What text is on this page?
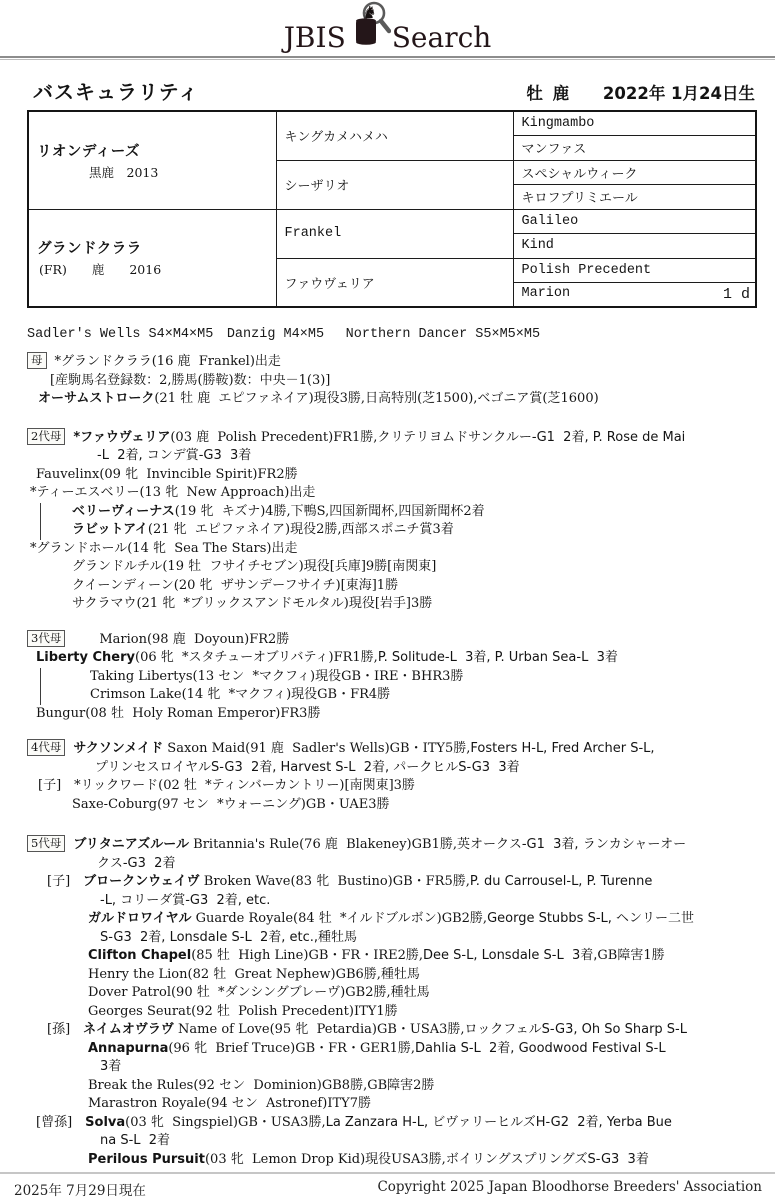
JBIS
♞
Search
バスキュラリティ	牡 鹿 2022年 1月24日生
リオンディーズ
黒鹿　2013	キングカメハメハ	Kingmambo
		マンファス
	シーザリオ	スペシャルウィーク
		キロフプリミエール

グランドクララ
(FR)　　鹿　　2016	Frankel	Galileo
		Kind
	ファウヴェリア	Polish Precedent
		Marion 1 d
Sadler's Wells S4×M4×M5　Danzig M4×M5　 Northern Dancer S5×M5×M5
母 *グランドクララ(16 鹿  Frankel)出走
[産駒馬名登録数：2,勝馬(勝鞍)数：中央－1(3)]
オーサムストローク(21 牡 鹿  エピファネイア)現役3勝,日高特別(芝1500),ベゴニア賞(芝1600)
2代母 *ファウヴェリア(03 鹿  Polish Precedent)FR1勝,クリテリヨムドサンクルー-G1  2着, P. Rose de Mai
-L  2着, コンデ賞-G3  3着
Fauvelinx(09 牝  Invincible Spirit)FR2勝
*ティーエスベリー(13 牝  New Approach)出走
ベリーヴィーナス(19 牝  キズナ)4勝,下鴨S,四国新聞杯,四国新聞杯2着
ラビットアイ(21 牝  エピファネイア)現役2勝,西部スポニチ賞3着
*グランドホール(14 牝  Sea The Stars)出走
グランドルチル(19 牡  フサイチセブン)現役[兵庫]9勝[南関東]
クイーンディーン(20 牝  ザサンデーフサイチ)[東海]1勝
サクラマウ(21 牝  *ブリックスアンドモルタル)現役[岩手]3勝
3代母　　Marion(98 鹿  Doyoun)FR2勝
Liberty Chery(06 牝  *スタチューオブリバティ)FR1勝,P. Solitude-L  3着, P. Urban Sea-L  3着
Taking Libertys(13 セン  *マクフィ)現役GB・IRE・BHR3勝
Crimson Lake(14 牝  *マクフィ)現役GB・FR4勝
Bungur(08 牡  Holy Roman Emperor)FR3勝
4代母 サクソンメイド Saxon Maid(91 鹿  Sadler's Wells)GB・ITY5勝,Fosters H-L, Fred Archer S-L,
プリンセスロイヤルS-G3  2着, Harvest S-L  2着, パークヒルS-G3  3着
[子] *リックワード(02 牡  *ティンバーカントリー)[南関東]3勝
Saxe-Coburg(97 セン  *ウォーニング)GB・UAE3勝
5代母 ブリタニアズルール Britannia's Rule(76 鹿  Blakeney)GB1勝,英オークス-G1  3着, ランカシャーオー
クス-G3  2着
[子] ブロークンウェイヴ Broken Wave(83 牝  Bustino)GB・FR5勝,P. du Carrousel-L, P. Turenne
-L, コリーダ賞-G3  2着, etc.
ガルドロワイヤル Guarde Royale(84 牡  *イルドブルボン)GB2勝,George Stubbs S-L, ヘンリー二世
S-G3  2着, Lonsdale S-L  2着, etc.,種牡馬
Clifton Chapel(85 牡  High Line)GB・FR・IRE2勝,Dee S-L, Lonsdale S-L  3着,GB障害1勝
Henry the Lion(82 牡  Great Nephew)GB6勝,種牡馬
Dover Patrol(90 牡  *ダンシングブレーヴ)GB2勝,種牡馬
Georges Seurat(92 牡  Polish Precedent)ITY1勝
[孫] ネイムオヴラヴ Name of Love(95 牝  Petardia)GB・USA3勝,ロックフェルS-G3, Oh So Sharp S-L
Annapurna(96 牝  Brief Truce)GB・FR・GER1勝,Dahlia S-L  2着, Goodwood Festival S-L
3着
Break the Rules(92 セン  Dominion)GB8勝,GB障害2勝
Marastron Royale(94 セン  Astronef)ITY7勝
[曾孫] Solva(03 牝  Singspiel)GB・USA3勝,La Zanzara H-L, ビヴァリーヒルズH-G2  2着, Yerba Bue
na S-L  2着
Perilous Pursuit(03 牝  Lemon Drop Kid)現役USA3勝,ボイリングスプリングズS-G3  3着
2025年 7月29日現在	Copyright 2025 Japan Bloodhorse Breeders' Association
